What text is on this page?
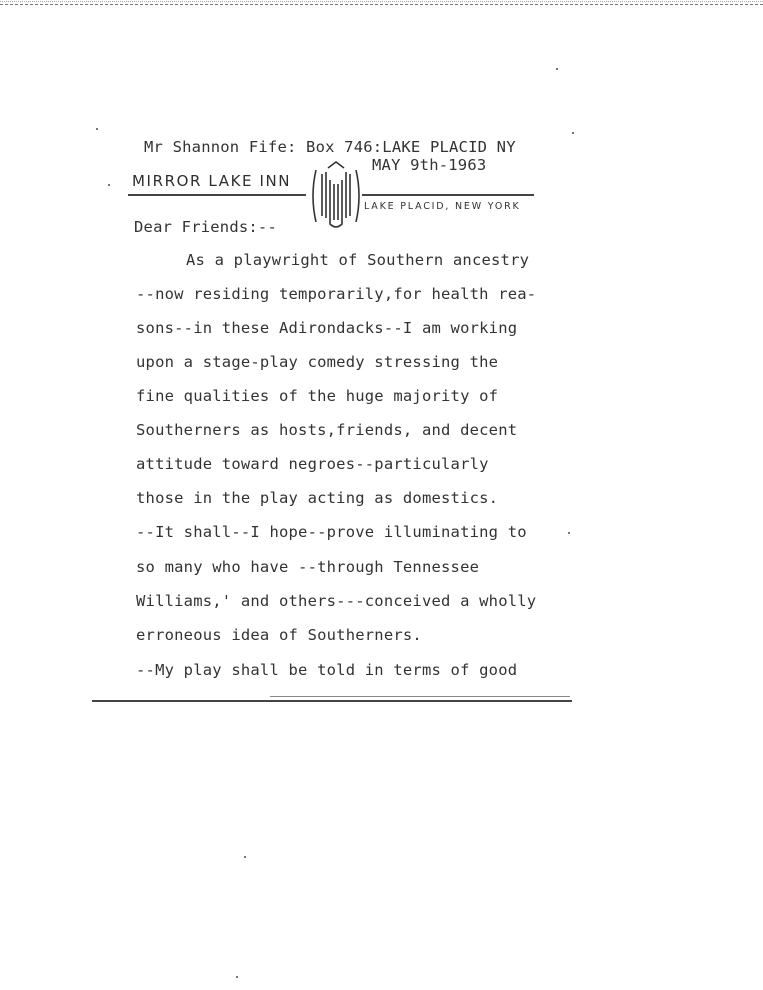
Mr Shannon Fife: Box 746:LAKE PLACID NY
MAY 9th-1963
MIRROR LAKE INN
LAKE PLACID, NEW YORK
Dear Friends:--
As a playwright of Southern ancestry
--now residing temporarily,for health rea-
sons--in these Adirondacks--I am working
upon a stage-play comedy stressing the
fine qualities of the huge majority of
Southerners as hosts,friends, and decent
attitude toward negroes--particularly
those in the play acting as domestics.
--It shall--I hope--prove illuminating to
so many who have --through Tennessee
Williams,' and others---conceived a wholly
erroneous idea of Southerners.
--My play shall be told in terms of good
